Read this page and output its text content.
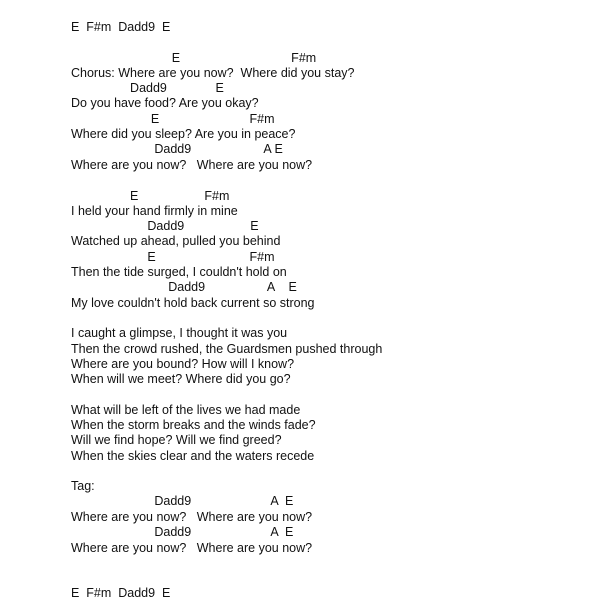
E  F#m  Dadd9  E

E                                F#m

Chorus: Where are you now?  Where did you stay?

Dadd9              E

Do you have food? Are you okay?

E                          F#m

Where did you sleep? Are you in peace?

Dadd9                     A E

Where are you now?   Where are you now?

E                   F#m

I held your hand firmly in mine

Dadd9                   E

Watched up ahead, pulled you behind

E                           F#m

Then the tide surged, I couldn't hold on

Dadd9                  A    E

My love couldn't hold back current so strong

I caught a glimpse, I thought it was you

Then the crowd rushed, the Guardsmen pushed through

Where are you bound? How will I know?

When will we meet? Where did you go?

What will be left of the lives we had made

When the storm breaks and the winds fade?

Will we find hope? Will we find greed?

When the skies clear and the waters recede

Tag:

Dadd9                       A  E

Where are you now?   Where are you now?

Dadd9                       A  E

Where are you now?   Where are you now?

E  F#m  Dadd9  E
